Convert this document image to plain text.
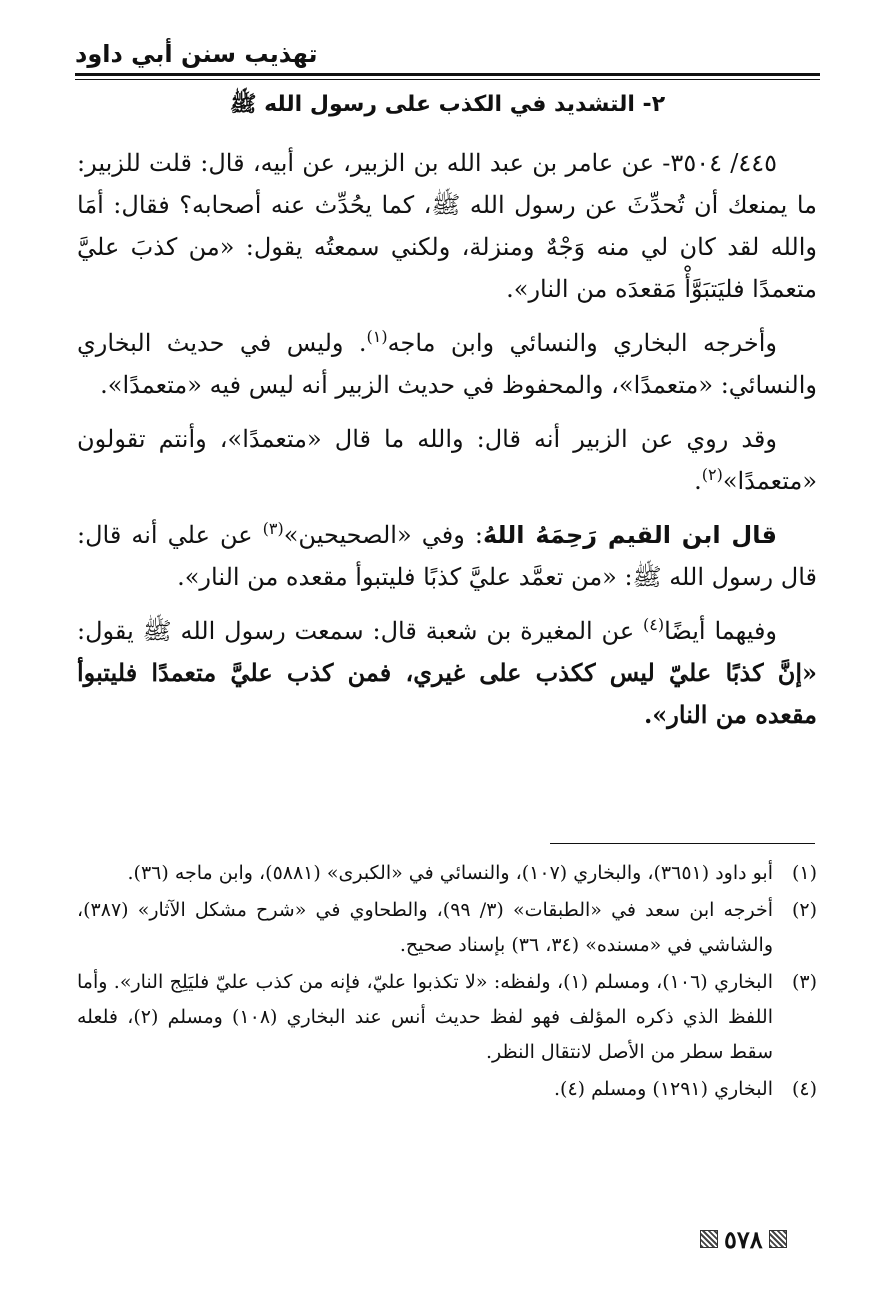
تهذيب سنن أبي داود
٢- التشديد في الكذب على رسول الله ﷺ

٤٤٥/ ٣٥٠٤- عن عامر بن عبد الله بن الزبير، عن أبيه، قال: قلت للزبير: ما يمنعك أن تُحدِّثَ عن رسول الله ﷺ، كما يحُدِّث عنه أصحابه؟ فقال: أمَا والله لقد كان لي منه وَجْهٌ ومنزلة، ولكني سمعتُه يقول: «من كذبَ عليَّ متعمدًا فليَتبَوَّأْ مَقعدَه من النار».

وأخرجه البخاري والنسائي وابن ماجه$^{(١)}$. وليس في حديث البخاري والنسائي: «متعمدًا»، والمحفوظ في حديث الزبير أنه ليس فيه «متعمدًا».

وقد روي عن الزبير أنه قال: والله ما قال «متعمدًا»، وأنتم تقولون «متعمدًا»$^{(٢)}$.

قال ابن القيم رَحِمَهُ اللهُ: وفي «الصحيحين»$^{(٣)}$ عن علي أنه قال: قال رسول الله ﷺ: «من تعمَّد عليَّ كذبًا فليتبوأ مقعده من النار».

وفيهما أيضًا$^{(٤)}$ عن المغيرة بن شعبة قال: سمعت رسول الله ﷺ يقول: «إنَّ كذبًا عليّ ليس ككذب على غيري، فمن كذب عليَّ متعمدًا فليتبوأ مقعده من النار».

(١)
أبو داود (٣٦٥١)، والبخاري (١٠٧)، والنسائي في «الكبرى» (٥٨٨١)، وابن ماجه (٣٦).
(٢)
أخرجه ابن سعد في «الطبقات» (٣/ ٩٩)، والطحاوي في «شرح مشكل الآثار» (٣٨٧)، والشاشي في «مسنده» (٣٤، ٣٦) بإسناد صحيح.
(٣)
البخاري (١٠٦)، ومسلم (١)، ولفظه: «لا تكذبوا عليّ، فإنه من كذب عليّ فليَلِج النار». وأما اللفظ الذي ذكره المؤلف فهو لفظ حديث أنس عند البخاري (١٠٨) ومسلم (٢)، فلعله سقط سطر من الأصل لانتقال النظر.
(٤)
البخاري (١٢٩١) ومسلم (٤).
٥٧٨
